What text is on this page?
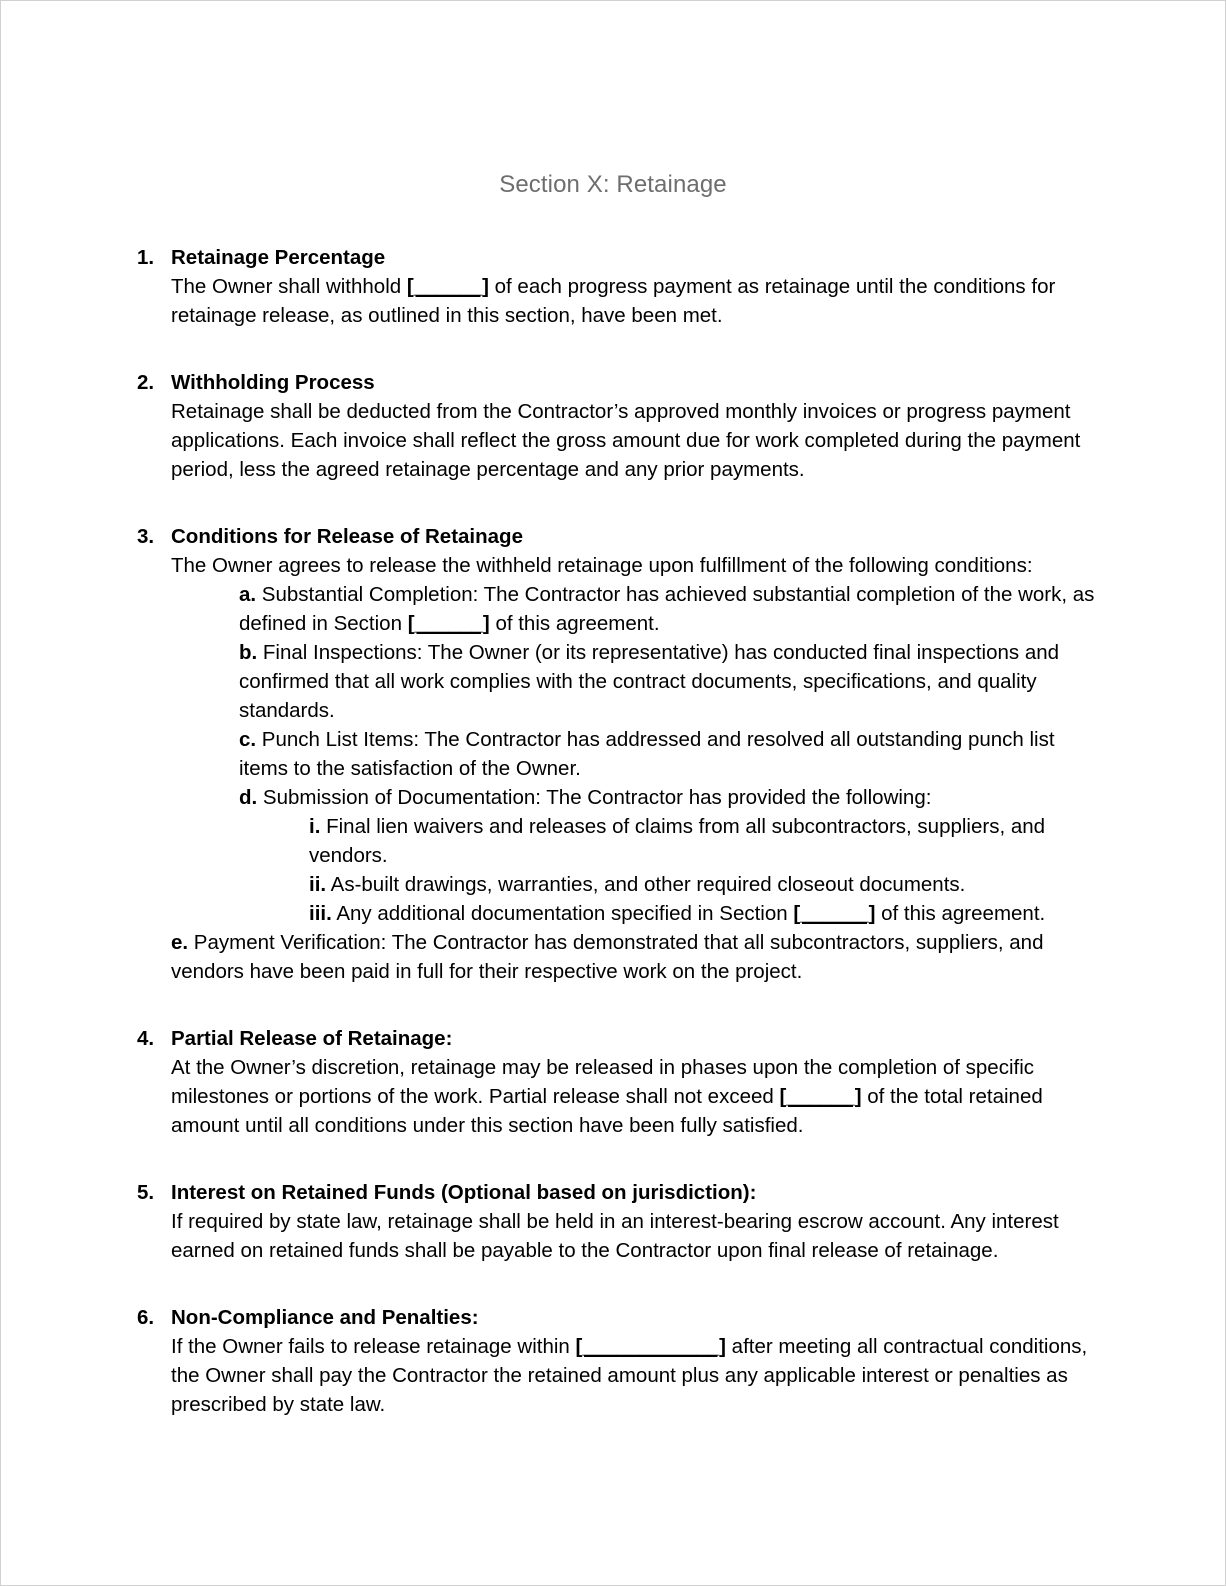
Section X: Retainage
1. Retainage Percentage
The Owner shall withhold [______] of each progress payment as retainage until the conditions for retainage release, as outlined in this section, have been met.
2. Withholding Process
Retainage shall be deducted from the Contractor’s approved monthly invoices or progress payment applications. Each invoice shall reflect the gross amount due for work completed during the payment period, less the agreed retainage percentage and any prior payments.
3. Conditions for Release of Retainage
The Owner agrees to release the withheld retainage upon fulfillment of the following conditions:
a. Substantial Completion: The Contractor has achieved substantial completion of the work, as defined in Section [______] of this agreement.
b. Final Inspections: The Owner (or its representative) has conducted final inspections and confirmed that all work complies with the contract documents, specifications, and quality standards.
c. Punch List Items: The Contractor has addressed and resolved all outstanding punch list items to the satisfaction of the Owner.
d. Submission of Documentation: The Contractor has provided the following:
i. Final lien waivers and releases of claims from all subcontractors, suppliers, and vendors.
ii. As-built drawings, warranties, and other required closeout documents.
iii. Any additional documentation specified in Section [______] of this agreement.
e. Payment Verification: The Contractor has demonstrated that all subcontractors, suppliers, and vendors have been paid in full for their respective work on the project.
4. Partial Release of Retainage:
At the Owner’s discretion, retainage may be released in phases upon the completion of specific milestones or portions of the work. Partial release shall not exceed [______] of the total retained amount until all conditions under this section have been fully satisfied.
5. Interest on Retained Funds (Optional based on jurisdiction):
If required by state law, retainage shall be held in an interest-bearing escrow account. Any interest earned on retained funds shall be payable to the Contractor upon final release of retainage.
6. Non-Compliance and Penalties:
If the Owner fails to release retainage within [____________] after meeting all contractual conditions, the Owner shall pay the Contractor the retained amount plus any applicable interest or penalties as prescribed by state law.
